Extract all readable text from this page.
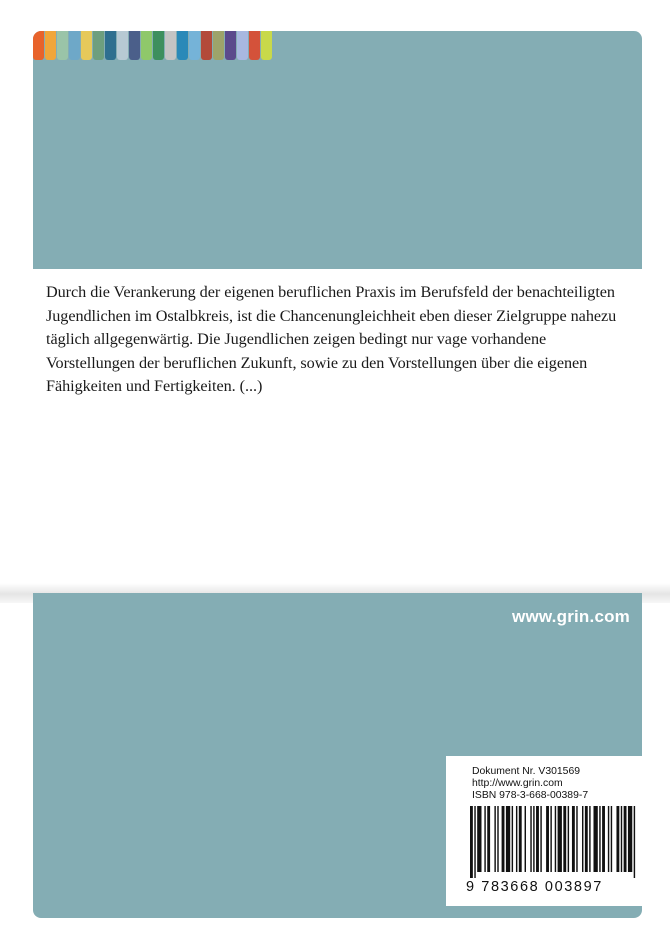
Durch die Verankerung der eigenen beruflichen Praxis im Berufsfeld der benachteiligten Jugendlichen im Ostalbkreis, ist die Chancenungleichheit eben dieser Zielgruppe nahezu täglich allgegenwärtig. Die Jugendlichen zeigen bedingt nur vage vorhandene Vorstellungen der beruflichen Zukunft, sowie zu den Vorstellungen über die eigenen Fähigkeiten und Fertigkeiten. (...)

www.grin.com
Dokument Nr. V301569
http://www.grin.com
ISBN 978-3-668-00389-7
9 783668 003897
